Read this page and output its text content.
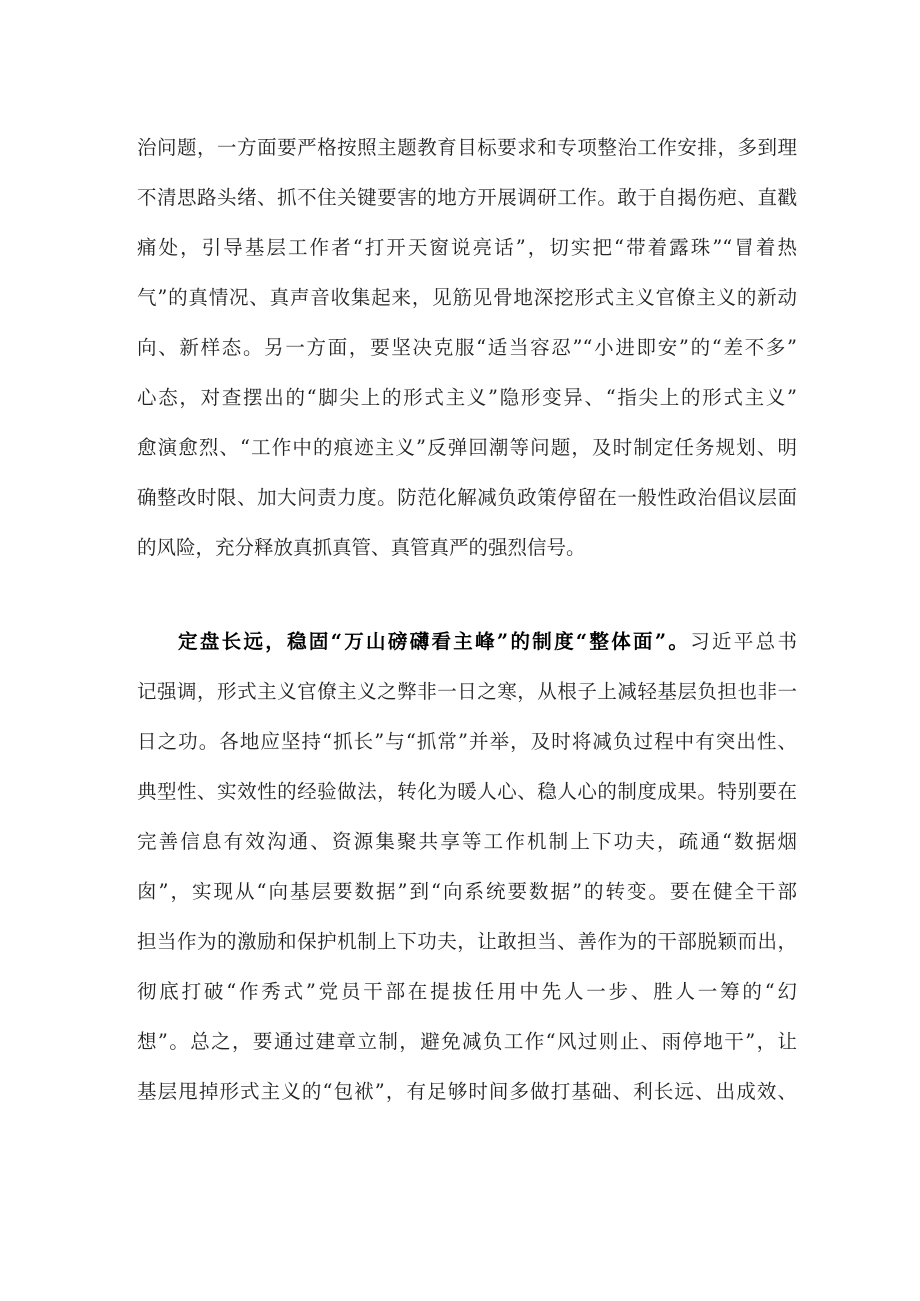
治问题，一方面要严格按照主题教育目标要求和专项整治工作安排，多到理
不清思路头绪、抓不住关键要害的地方开展调研工作。敢于自揭伤疤、直戳
痛处，引导基层工作者“打开天窗说亮话”，切实把“带着露珠”“冒着热
气”的真情况、真声音收集起来，见筋见骨地深挖形式主义官僚主义的新动
向、新样态。另一方面，要坚决克服“适当容忍”“小进即安”的“差不多”
心态，对查摆出的“脚尖上的形式主义”隐形变异、“指尖上的形式主义”
愈演愈烈、“工作中的痕迹主义”反弹回潮等问题，及时制定任务规划、明
确整改时限、加大问责力度。防范化解减负政策停留在一般性政治倡议层面
的风险，充分释放真抓真管、真管真严的强烈信号。
定盘长远，稳固“万山磅礴看主峰”的制度“整体面”。习近平总书
记强调，形式主义官僚主义之弊非一日之寒，从根子上减轻基层负担也非一
日之功。各地应坚持“抓长”与“抓常”并举，及时将减负过程中有突出性、
典型性、实效性的经验做法，转化为暖人心、稳人心的制度成果。特别要在
完善信息有效沟通、资源集聚共享等工作机制上下功夫，疏通“数据烟
囱”，实现从“向基层要数据”到“向系统要数据”的转变。要在健全干部
担当作为的激励和保护机制上下功夫，让敢担当、善作为的干部脱颖而出，
彻底打破“作秀式”党员干部在提拔任用中先人一步、胜人一筹的“幻
想”。总之，要通过建章立制，避免减负工作“风过则止、雨停地干”，让
基层甩掉形式主义的“包袱”，有足够时间多做打基础、利长远、出成效、
